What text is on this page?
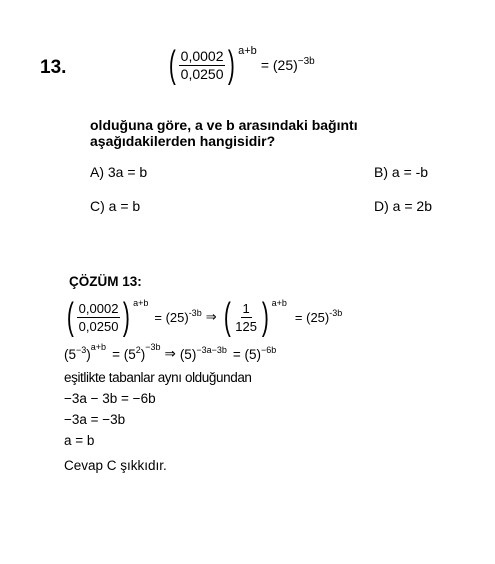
13.	( $\frac{0,0002}{0,0250}$ ) a+b
= $(25)^{-3b}$
olduğuna göre, a ve b arasındaki bağıntı
aşağıdakilerden hangisidir?
A) 3a = b	B) a = -b
C) a = b	D) a = 2b
ÇÖZÜM 13:
( $\frac{0,0002}{0,0250}$ ) a+b
= $(25)^{-3b}$ ⇒ ( $\frac{1}{125}$ ) a+b
= $(25)^{-3b}$
($5^{-3}$ )$^{a+b} = (5^2$ )$^{-3b}$ ⇒ $(5)^{-3a-3b} = (5)^{-6b}$
eşitlikte tabanlar aynı olduğundan
−3a − 3b = −6b
−3a = −3b
a = b
Cevap C şıkkıdır.
